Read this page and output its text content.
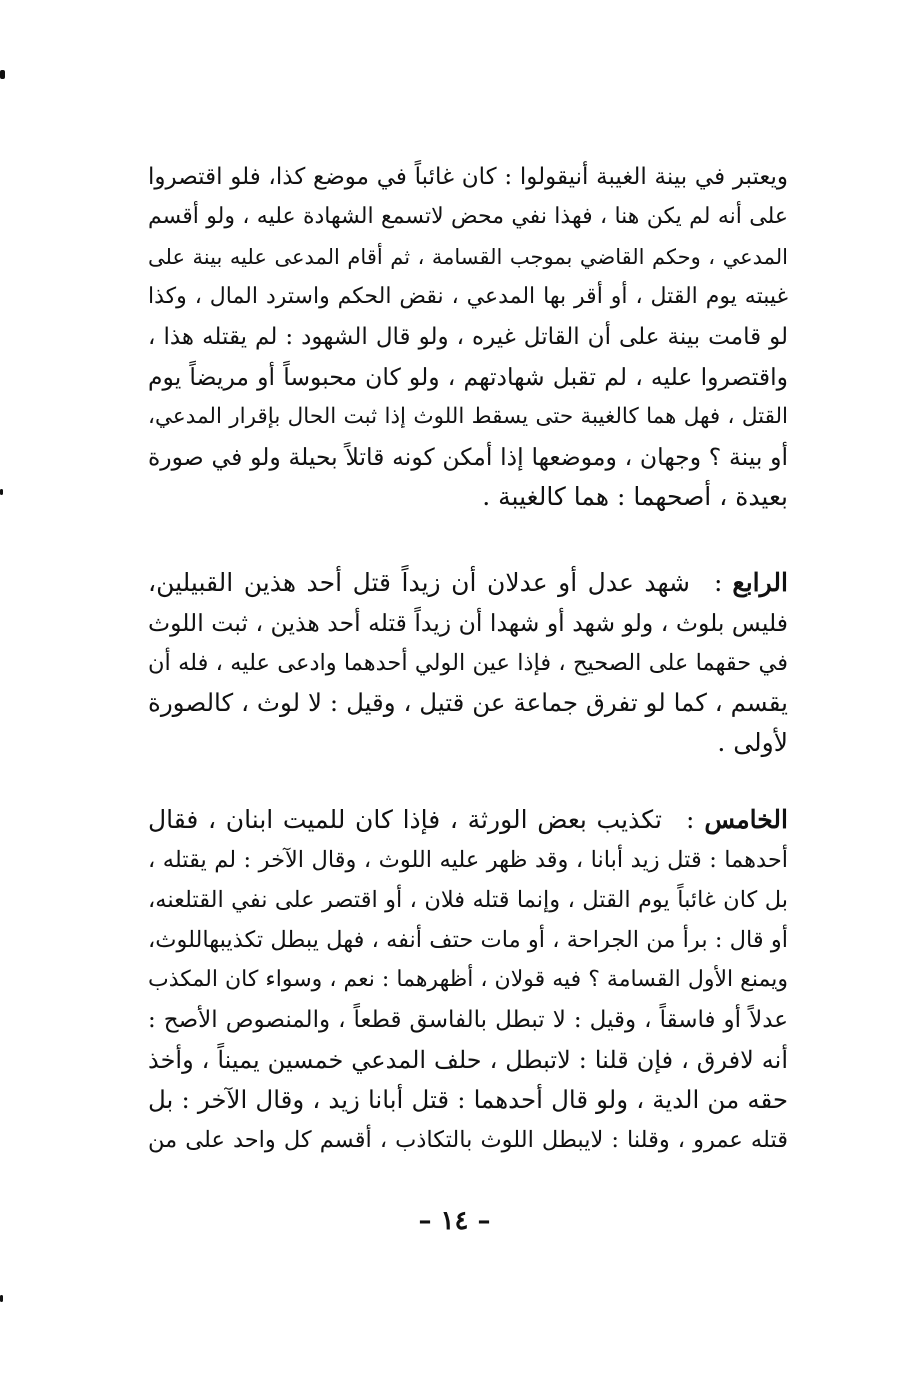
ويعتبر في بينة الغيبة أنيقولوا : كان غائباً في موضع كذا، فلو اقتصروا
على أنه لم يكن هنا ، فهذا نفي محض لاتسمع الشهادة عليه ، ولو أقسم
المدعي ، وحكم القاضي بموجب القسامة ، ثم أقام المدعى عليه بينة على
غيبته يوم القتل ، أو أقر بها المدعي ، نقض الحكم واسترد المال ، وكذا
لو قامت بينة على أن القاتل غيره ، ولو قال الشهود : لم يقتله هذا ،
واقتصروا عليه ، لم تقبل شهادتهم ، ولو كان محبوساً أو مريضاً يوم
القتل ، فهل هما كالغيبة حتى يسقط اللوث إذا ثبت الحال بإقرار المدعي،
أو بينة ؟ وجهان ، وموضعها إذا أمكن كونه قاتلاً بحيلة ولو في صورة
بعيدة ، أصحهما : هما كالغيبة .
الرابع:شهد عدل أو عدلان أن زيداً قتل أحد هذين القبيلين،
فليس بلوث ، ولو شهد أو شهدا أن زيداً قتله أحد هذين ، ثبت اللوث
في حقهما على الصحيح ، فإذا عين الولي أحدهما وادعى عليه ، فله أن
يقسم ، كما لو تفرق جماعة عن قتيل ، وقيل : لا لوث ، كالصورة
لأولى .
الخامس:تكذيب بعض الورثة ، فإذا كان للميت ابنان ، فقال
أحدهما : قتل زيد أبانا ، وقد ظهر عليه اللوث ، وقال الآخر : لم يقتله ،
بل كان غائباً يوم القتل ، وإنما قتله فلان ، أو اقتصر على نفي القتلعنه،
أو قال : برأ من الجراحة ، أو مات حتف أنفه ، فهل يبطل تكذيبهاللوث،
ويمنع الأول القسامة ؟ فيه قولان ، أظهرهما : نعم ، وسواء كان المكذب
عدلاً أو فاسقاً ، وقيل : لا تبطل بالفاسق قطعاً ، والمنصوص الأصح :
أنه لافرق ، فإن قلنا : لاتبطل ، حلف المدعي خمسين يميناً ، وأخذ
حقه من الدية ، ولو قال أحدهما : قتل أبانا زيد ، وقال الآخر : بل
قتله عمرو ، وقلنا : لايبطل اللوث بالتكاذب ، أقسم كل واحد على من
– ١٤ –
